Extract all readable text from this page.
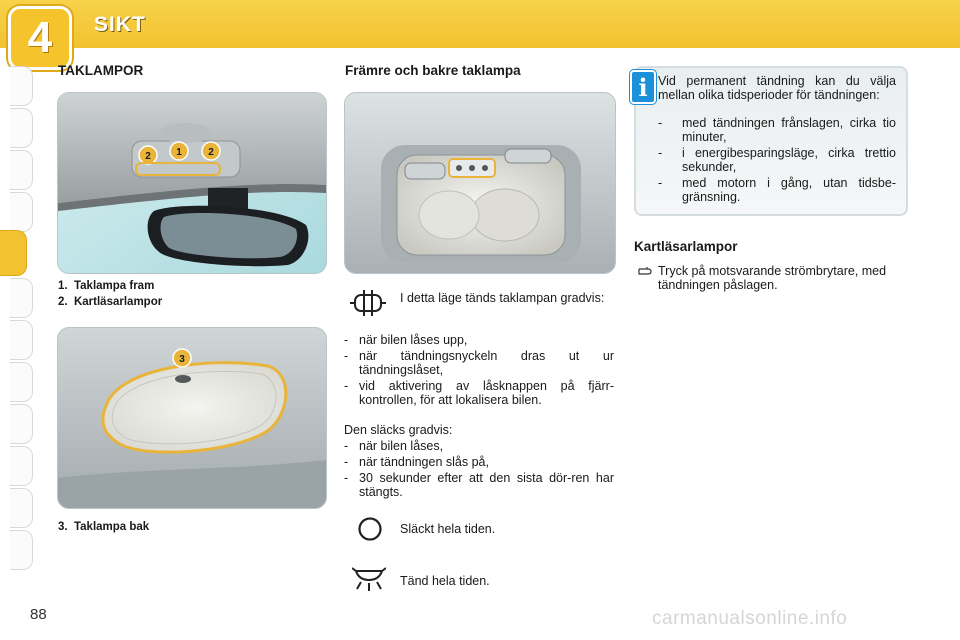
4 SIKT
TAKLAMPOR
2	1	2
1. Taklampa fram
2. Kartläsarlampor
3
3. Taklampa bak
Främre och bakre taklampa
I detta läge tänds taklampan gradvis:
- när bilen låses upp,
- när tändningsnyckeln dras ut ur tändningslåset,
- vid aktivering av låsknappen på fjärr-kontrollen, för att lokalisera bilen.
Den släcks gradvis:
- när bilen låses,
- när tändningen slås på,
- 30 sekunder efter att den sista dör-ren har stängts.
Släckt hela tiden.
Tänd hela tiden.
i Vid permanent tändning kan du välja mellan olika tidsperioder för tändningen:
-	med tändningen frånslagen, cirka tio minuter,
-	i energibesparingsläge, cirka trettio sekunder,
-	med motorn i gång, utan tidsbe-gränsning.
Kartläsarlampor
Tryck på motsvarande strömbrytare, med tändningen påslagen.
88	carmanualsonline.info
